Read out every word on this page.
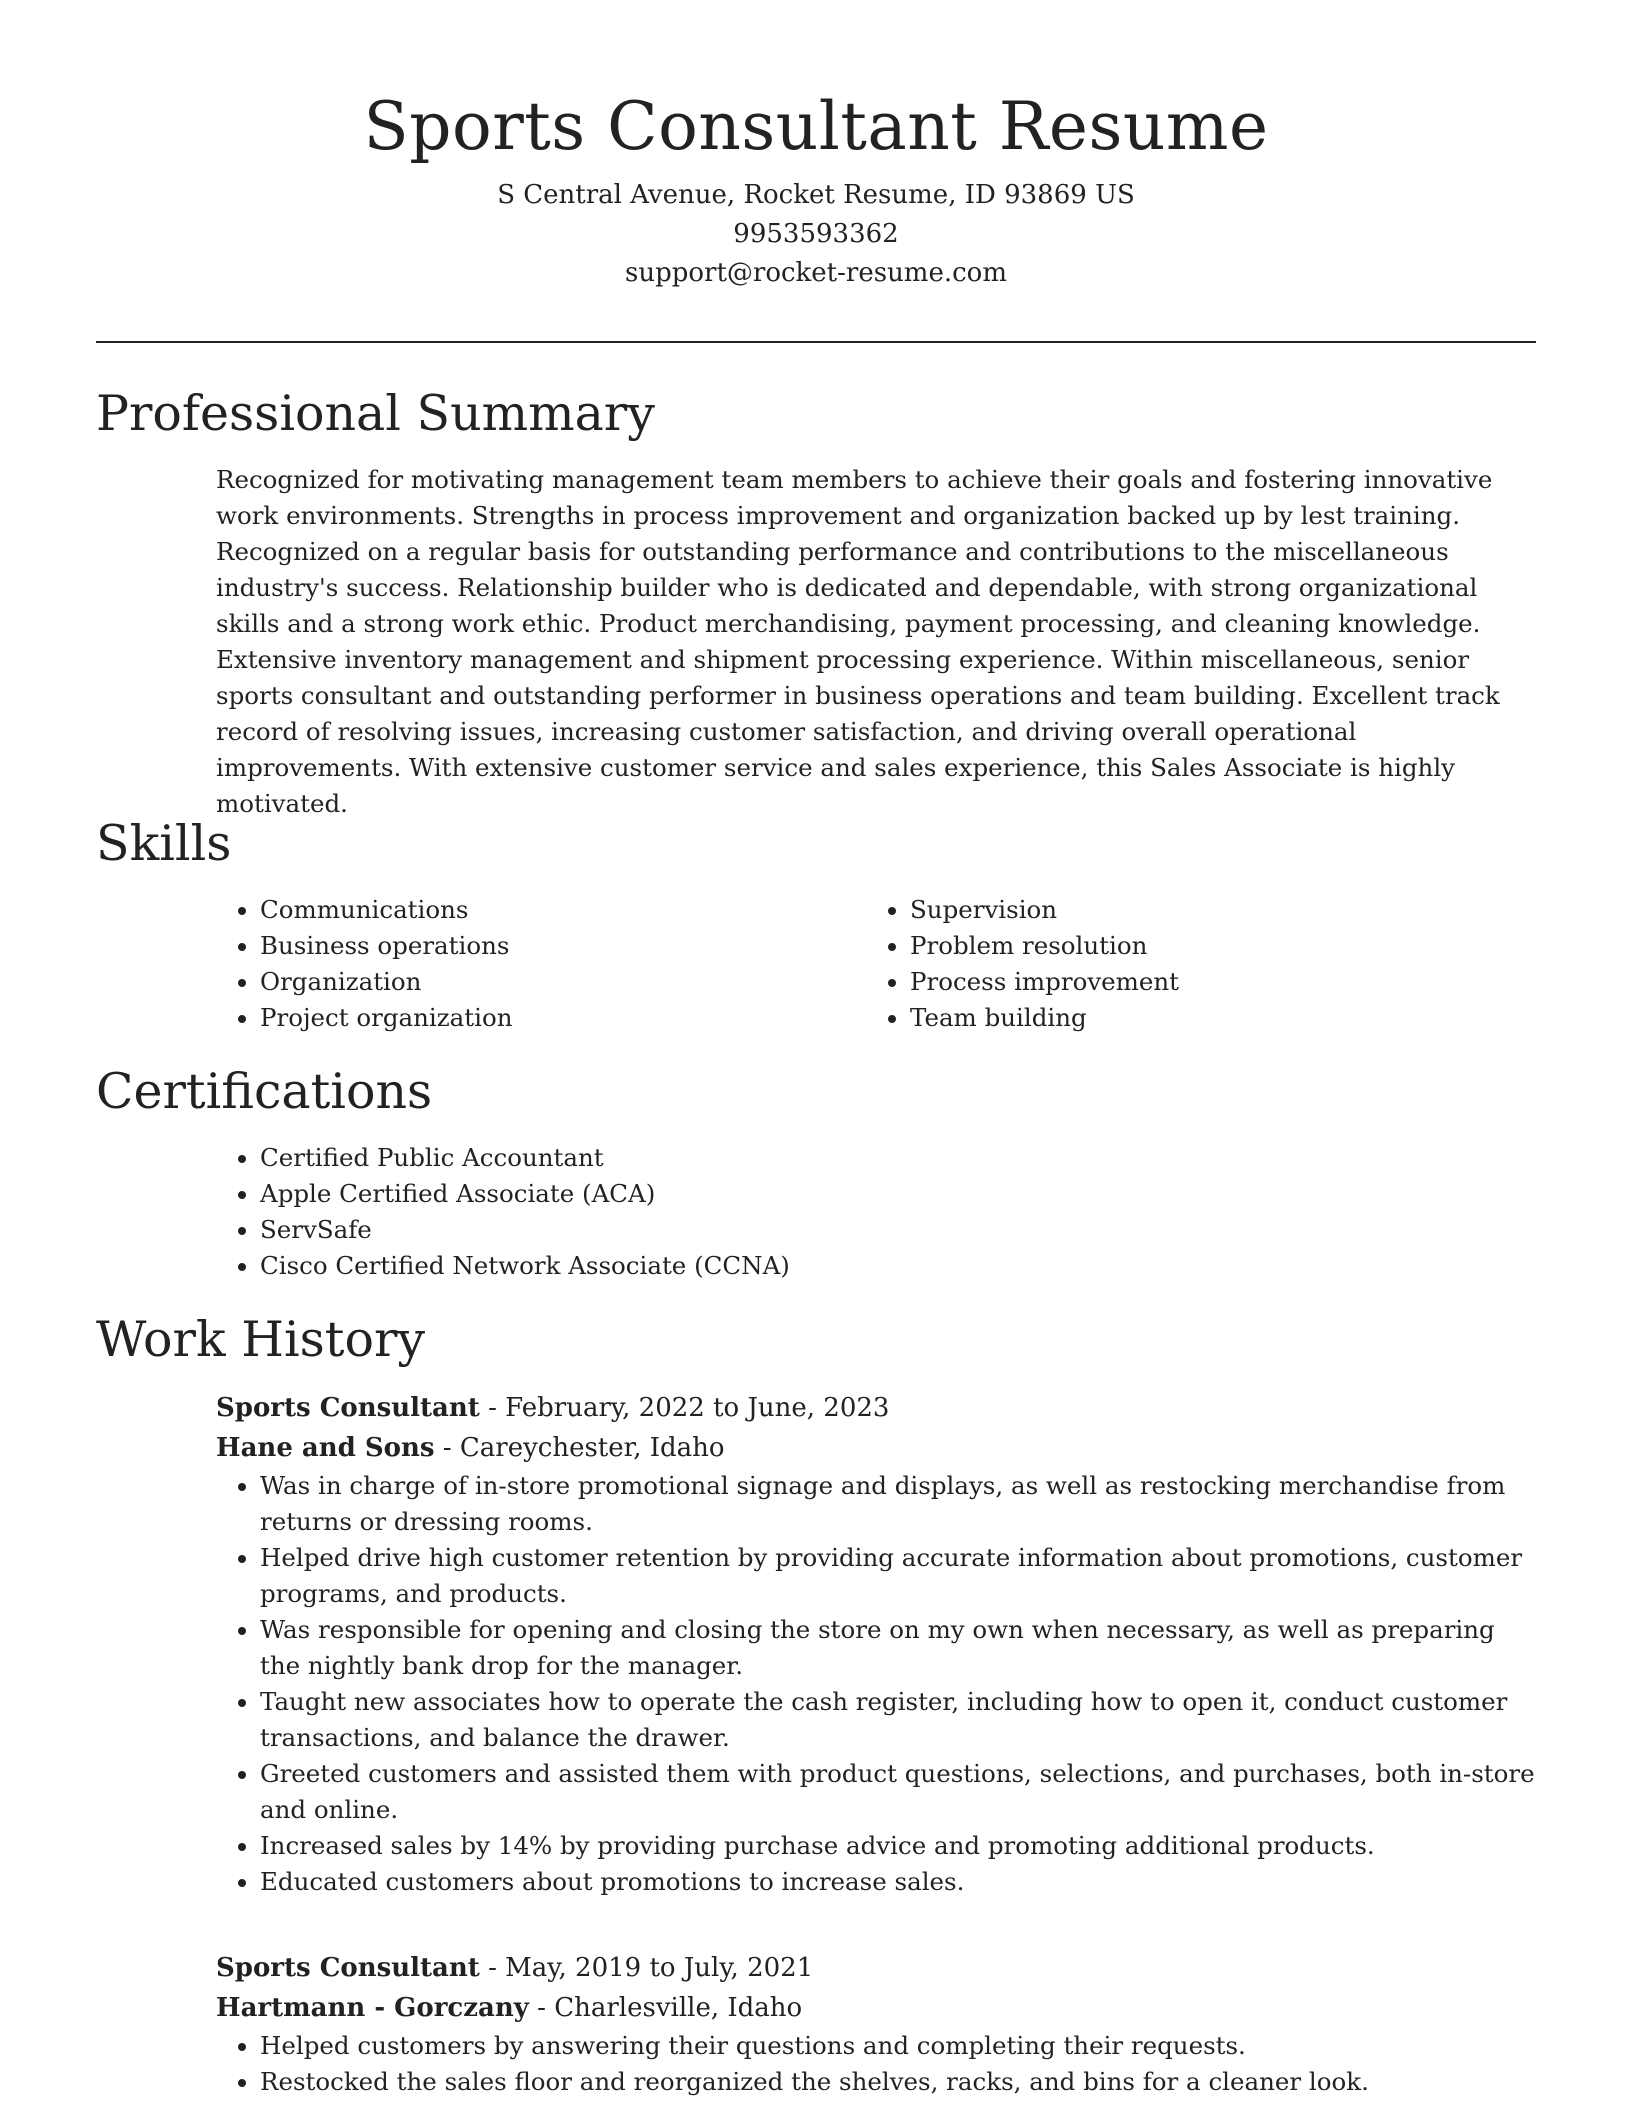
Sports Consultant Resume
S Central Avenue, Rocket Resume, ID 93869 US
9953593362
support@rocket-resume.com
Professional Summary

Recognized for motivating management team members to achieve their goals and fostering innovative work environments. Strengths in process improvement and organization backed up by lest training. Recognized on a regular basis for outstanding performance and contributions to the miscellaneous industry's success. Relationship builder who is dedicated and dependable, with strong organizational skills and a strong work ethic. Product merchandising, payment processing, and cleaning knowledge. Extensive inventory management and shipment processing experience. Within miscellaneous, senior sports consultant and outstanding performer in business operations and team building. Excellent track record of resolving issues, increasing customer satisfaction, and driving overall operational improvements. With extensive customer service and sales experience, this Sales Associate is highly motivated.

Skills
• Communications
• Business operations
• Organization
• Project organization
• Supervision
• Problem resolution
• Process improvement
• Team building
Certifications
• Certified Public Accountant
• Apple Certified Associate (ACA)
• ServSafe
• Cisco Certified Network Associate (CCNA)
Work History
Sports Consultant - February, 2022 to June, 2023
Hane and Sons - Careychester, Idaho
• Was in charge of in-store promotional signage and displays, as well as restocking merchandise from returns or dressing rooms.
• Helped drive high customer retention by providing accurate information about promotions, customer programs, and products.
• Was responsible for opening and closing the store on my own when necessary, as well as preparing the nightly bank drop for the manager.
• Taught new associates how to operate the cash register, including how to open it, conduct customer transactions, and balance the drawer.
• Greeted customers and assisted them with product questions, selections, and purchases, both in-store and online.
• Increased sales by 14% by providing purchase advice and promoting additional products.
• Educated customers about promotions to increase sales.
Sports Consultant - May, 2019 to July, 2021
Hartmann - Gorczany - Charlesville, Idaho
• Helped customers by answering their questions and completing their requests.
• Restocked the sales floor and reorganized the shelves, racks, and bins for a cleaner look.
